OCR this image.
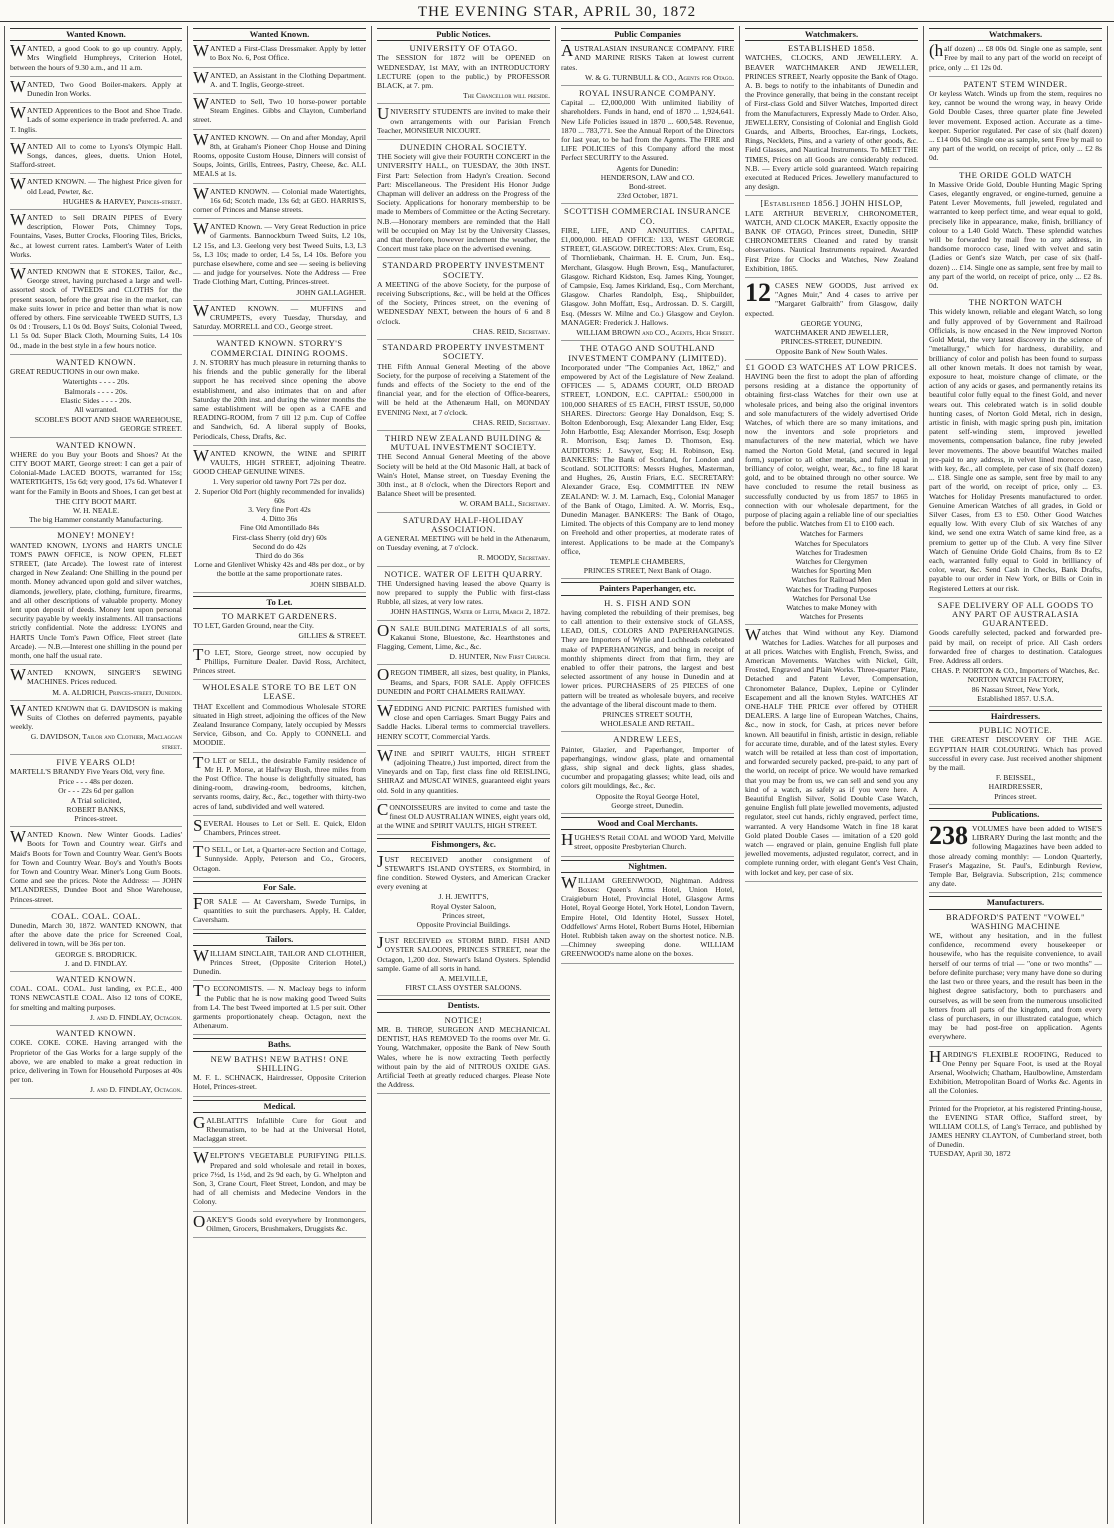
THE EVENING STAR, APRIL 30, 1872
Wanted Known.

WANTED, a good Cook to go up country. Apply, Mrs Wingfield Humphreys, Criterion Hotel, between the hours of 9.30 a.m., and 11 a.m.

WANTED, Two Good Boiler-makers. Apply at Dunedin Iron Works.

WANTED Apprentices to the Boot and Shoe Trade. Lads of some experience in trade preferred. A. and T. Inglis.

WANTED All to come to Lyons's Olympic Hall. Songs, dances, glees, duetts. Union Hotel, Stafford-street.

WANTED KNOWN. — The highest Price given for old Lead, Pewter, &c.

HUGHES & HARVEY, Princes-street.

WANTED to Sell DRAIN PIPES of Every description, Flower Pots, Chimney Tops, Fountains, Vases, Butter Crocks, Flooring Tiles, Bricks, &c., at lowest current rates. Lambert's Water of Leith Works.

WANTED KNOWN that E STOKES, Tailor, &c., George street, having purchased a large and well-assorted stock of TWEEDS and CLOTHS for the present season, before the great rise in the market, can make suits lower in price and better than what is now offered by others. Fine serviceable TWEED SUITS, L3 0s 0d : Trousers, L1 0s 0d. Boys' Suits, Colonial Tweed, L1 5s 0d. Super Black Cloth, Mourning Suits, L4 10s 0d., made in the best style in a few hours notice.

WANTED KNOWN.

GREAT REDUCTIONS in our own make.

Watertights - - - - 20s.
Balmorals - - - - 20s.
Elastic Sides - - - - 20s.
All warranted.
SCOBLE'S BOOT AND SHOE WAREHOUSE, GEORGE STREET.
WANTED KNOWN.

WHERE do you Buy your Boots and Shoes? At the CITY BOOT MART, George street: I can get a pair of Colonial-Made LACED BOOTS, warranted for 15s; WATERTIGHTS, 15s 6d; very good, 17s 6d. Whatever I want for the Family in Boots and Shoes, I can get best at

THE CITY BOOT MART.
W. H. NEALE.
The big Hammer constantly Manufacturing.
MONEY! MONEY!

WANTED KNOWN, LYONS and HARTS UNCLE TOM'S PAWN OFFICE, is NOW OPEN, FLEET STREET, (late Arcade). The lowest rate of interest charged in New Zealand: One Shilling in the pound per month. Money advanced upon gold and silver watches, diamonds, jewellery, plate, clothing, furniture, firearms, and all other descriptions of valuable property. Money lent upon deposit of deeds. Money lent upon personal security payable by weekly instalments. All transactions strictly confidential. Note the address: LYONS and HARTS Uncle Tom's Pawn Office, Fleet street (late Arcade). — N.B.—Interest one shilling in the pound per month, one half the usual rate.

WANTED KNOWN, SINGER'S SEWING MACHINES. Prices reduced.

M. A. ALDRICH, Princes-street, Dunedin.

WANTED KNOWN that G. DAVIDSON is making Suits of Clothes on deferred payments, payable weekly.

G. DAVIDSON, Tailor and Clothier, Maclaggan street.
FIVE YEARS OLD!

MARTELL'S BRANDY Five Years Old, very fine.

Price - - - 48s per dozen.
Or - - - 22s 6d per gallon
A Trial solicited,
ROBERT BANKS,
Princes-street.

WANTED Known. New Winter Goods. Ladies' Boots for Town and Country wear. Girl's and Maid's Boots for Town and Country Wear. Gent's Boots for Town and Country Wear. Boy's and Youth's Boots for Town and Country Wear. Miner's Long Gum Boots. Come and see the prices. Note the Address: — JOHN M'LANDRESS, Dundee Boot and Shoe Warehouse, Princes-street.

COAL. COAL. COAL.

Dunedin, March 30, 1872. WANTED KNOWN, that after the above date the price for Screened Coal, delivered in town, will be 36s per ton.

GEORGE S. BRODRICK.
J. and D. FINDLAY.
WANTED KNOWN.

COAL. COAL. COAL. Just landing, ex P.C.E., 400 TONS NEWCASTLE COAL. Also 12 tons of COKE, for smelting and malting purposes.

J. and D. FINDLAY, Octagon.
WANTED KNOWN.

COKE. COKE. COKE. Having arranged with the Proprietor of the Gas Works for a large supply of the above, we are enabled to make a great reduction in price, delivering in Town for Household Purposes at 40s per ton.

J. and D. FINDLAY, Octagon.
Wanted Known.

WANTED a First-Class Dressmaker. Apply by letter to Box No. 6, Post Office.

WANTED, an Assistant in the Clothing Department. A. and T. Inglis, George-street.

WANTED to Sell, Two 10 horse-power portable Steam Engines. Gibbs and Clayton, Cumberland street.

WANTED KNOWN. — On and after Monday, April 8th, at Graham's Pioneer Chop House and Dining Rooms, opposite Custom House, Dinners will consist of Soups, Joints, Grills, Entrees, Pastry, Cheese, &c. ALL MEALS at 1s.

WANTED KNOWN. — Colonial made Watertights, 16s 6d; Scotch made, 13s 6d; at GEO. HARRIS'S, corner of Princes and Manse streets.

WANTED Known. — Very Great Reduction in price of Garments. Bannockburn Tweed Suits, L2 10s, L2 15s, and L3. Geelong very best Tweed Suits, L3, L3 5s, L3 10s; made to order, L4 5s, L4 10s. Before you purchase elsewhere, come and see — seeing is believing — and judge for yourselves. Note the Address — Free Trade Clothing Mart, Cutting, Princes-street.

JOHN GALLAGHER.

WANTED KNOWN. — MUFFINS and CRUMPETS, every Tuesday, Thursday, and Saturday. MORRELL and CO., George street.

WANTED KNOWN. STORRY'S COMMERCIAL DINING ROOMS.

J. N. STORRY has much pleasure in returning thanks to his friends and the public generally for the liberal support he has received since opening the above establishment, and also intimates that on and after Saturday the 20th inst. and during the winter months the same establishment will be open as a CAFE and READING-ROOM, from 7 till 12 p.m. Cup of Coffee and Sandwich, 6d. A liberal supply of Books, Periodicals, Chess, Drafts, &c.

WANTED KNOWN, the WINE and SPIRIT VAULTS, HIGH STREET, adjoining Theatre. GOOD CHEAP GENUINE WINES.

1. Very superior old tawny Port 72s per doz.
2. Superior Old Port (highly recommended for invalids) 60s
3. Very fine Port 42s
4. Ditto 36s
Fine Old Amontillado 84s
First-class Sherry (old dry) 60s
Second do do 42s
Third do do 36s
Lorne and Glenlivet Whisky 42s and 48s per doz., or by the bottle at the same proportionate rates.
JOHN SIBBALD.
To Let.
TO MARKET GARDENERS.

TO LET, Garden Ground, near the City.

GILLIES & STREET.

TO LET, Store, George street, now occupied by Phillips, Furniture Dealer. David Ross, Architect, Princes street.

WHOLESALE STORE TO BE LET ON LEASE.

THAT Excellent and Commodious Wholesale STORE situated in High street, adjoining the offices of the New Zealand Insurance Company, lately occupied by Messrs Service, Gibson, and Co. Apply to CONNELL and MOODIE.

TO LET or SELL, the desirable Family residence of Mr H. P. Morse, at Halfway Bush, three miles from the Post Office. The house is delightfully situated, has dining-room, drawing-room, bedrooms, kitchen, servants rooms, dairy, &c., &c., together with thirty-two acres of land, subdivided and well watered.

SEVERAL Houses to Let or Sell. E. Quick, Eldon Chambers, Princes street.

TO SELL, or Let, a Quarter-acre Section and Cottage, Sunnyside. Apply, Peterson and Co., Grocers, Octagon.

For Sale.

FOR SALE — At Caversham, Swede Turnips, in quantities to suit the purchasers. Apply, H. Calder, Caversham.

Tailors.

WILLIAM SINCLAIR, TAILOR AND CLOTHIER, Princes Street, (Opposite Criterion Hotel,) Dunedin.

TO ECONOMISTS. — N. Macleay begs to inform the Public that he is now making good Tweed Suits from L4. The best Tweed imported at 1.5 per suit. Other garments proportionately cheap. Octagon, next the Athenæum.

Baths.
NEW BATHS! NEW BATHS! ONE SHILLING.

M. F. L. SCHNACK, Hairdresser, Opposite Criterion Hotel, Princes-street.

Medical.

GALBLATTI'S Infallible Cure for Gout and Rheumatism, to be had at the Universal Hotel, Maclaggan street.

WELPTON'S VEGETABLE PURIFYING PILLS. Prepared and sold wholesale and retail in boxes, price 7½d, 1s 1½d, and 2s 9d each, by G. Whelpton and Son, 3, Crane Court, Fleet Street, London, and may be had of all chemists and Medecine Vendors in the Colony.

OAKEY'S Goods sold everywhere by Ironmongers, Oilmen, Grocers, Brushmakers, Druggists &c.

Public Notices.
UNIVERSITY OF OTAGO.

The SESSION for 1872 will be OPENED on WEDNESDAY, 1st MAY, with an INTRODUCTORY LECTURE (open to the public,) by PROFESSOR BLACK, at 7. pm.

The Chancellor will preside.

UNIVERSITY STUDENTS are invited to make their own arrangements with our Parisian French Teacher, MONSIEUR NICOURT.

DUNEDIN CHORAL SOCIETY.

THE Society will give their FOURTH CONCERT in the UNIVERSITY HALL, on TUESDAY, the 30th INST. First Part: Selection from Hadyn's Creation. Second Part: Miscellaneous. The President His Honor Judge Chapman will deliver an address on the Progress of the Society. Applications for honorary membership to be made to Members of Committee or the Acting Secretary. N.B.—Honorary members are reminded that the Hall will be occupied on May 1st by the University Classes, and that therefore, however inclement the weather, the Concert must take place on the advertised evening.

STANDARD PROPERTY INVESTMENT SOCIETY.

A MEETING of the above Society, for the purpose of receiving Subscriptions, &c., will be held at the Offices of the Society, Princes street, on the evening of WEDNESDAY NEXT, between the hours of 6 and 8 o'clock.

CHAS. REID, Secretary.
STANDARD PROPERTY INVESTMENT SOCIETY.

THE Fifth Annual General Meeting of the above Society, for the purpose of receiving a Statement of the funds and effects of the Society to the end of the financial year, and for the election of Office-bearers, will be held at the Athenæum Hall, on MONDAY EVENING Next, at 7 o'clock.

CHAS. REID, Secretary.
THIRD NEW ZEALAND BUILDING & MUTUAL INVESTMENT SOCIETY.

THE Second Annual General Meeting of the above Society will be held at the Old Masonic Hall, at back of Wain's Hotel, Manse street, on Tuesday Evening the 30th inst., at 8 o'clock, when the Directors Report and Balance Sheet will be presented.

W. ORAM BALL, Secretary.
SATURDAY HALF-HOLIDAY ASSOCIATION.

A GENERAL MEETING will be held in the Athenæum, on Tuesday evening, at 7 o'clock.

R. MOODY, Secretary.
NOTICE. WATER OF LEITH QUARRY.

THE Undersigned having leased the above Quarry is now prepared to supply the Public with first-class Rubble, all sizes, at very low rates.

JOHN HASTINGS, Water of Leith, March 2, 1872.

ON SALE BUILDING MATERIALS of all sorts, Kakanui Stone, Bluestone, &c. Hearthstones and Flagging, Cement, Lime, &c., &c.

D. HUNTER, New First Church.

OREGON TIMBER, all sizes, best quality, in Planks, Beams, and Spars, FOR SALE. Apply OFFICES DUNEDIN and PORT CHALMERS RAILWAY.

WEDDING AND PICNIC PARTIES furnished with close and open Carriages. Smart Buggy Pairs and Saddle Hacks. Liberal terms to commercial travellers. HENRY SCOTT, Commercial Yards.

WINE and SPIRIT VAULTS, HIGH STREET (adjoining Theatre,) Just imported, direct from the Vineyards and on Tap, first class fine old REISLING, SHIRAZ and MUSCAT WINES, guaranteed eight years old. Sold in any quantities.

CONNOISSEURS are invited to come and taste the finest OLD AUSTRALIAN WINES, eight years old, at the WINE and SPIRIT VAULTS, HIGH STREET.

Fishmongers, &c.

JUST RECEIVED another consignment of STEWART'S ISLAND OYSTERS, ex Stormbird, in fine condition. Stewed Oysters, and American Cracker every evening at

J. H. JEWITT'S,
Royal Oyster Saloon,
Princes street,
Opposite Provincial Buildings.

JUST RECEIVED ex STORM BIRD. FISH AND OYSTER SALOONS, PRINCES STREET, near the Octagon, 1,200 doz. Stewart's Island Oysters. Splendid sample. Game of all sorts in hand.

A. MELVILLE,
FIRST CLASS OYSTER SALOONS.
Dentists.
NOTICE!

MR. B. THROP, SURGEON AND MECHANICAL DENTIST, HAS REMOVED To the rooms over Mr. G. Young, Watchmaker, opposite the Bank of New South Wales, where he is now extracting Teeth perfectly without pain by the aid of NITROUS OXIDE GAS. Artificial Teeth at greatly reduced charges. Please Note the Address.

Public Companies

AUSTRALASIAN INSURANCE COMPANY. FIRE AND MARINE RISKS Taken at lowest current rates.

W. & G. TURNBULL & CO., Agents for Otago.
ROYAL INSURANCE COMPANY.

Capital ... £2,000,000 With unlimited liability of shareholders. Funds in hand, end of 1870 ... 1,924,641. New Life Policies issued in 1870 ... 600,548. Revenue, 1870 ... 783,771. See the Annual Report of the Directors for last year, to be had from the Agents. The FIRE and LIFE POLICIES of this Company afford the most Perfect SECURITY to the Assured.

Agents for Dunedin:
HENDERSON, LAW and CO.
Bond-street.
23rd October, 1871.
SCOTTISH COMMERCIAL INSURANCE CO.

FIRE, LIFE, AND ANNUITIES. CAPITAL, £1,000,000. HEAD OFFICE: 133, WEST GEORGE STREET, GLASGOW. DIRECTORS: Alex. Crum, Esq., of Thornliebank, Chairman. H. E. Crum, Jun. Esq., Merchant, Glasgow. Hugh Brown, Esq., Manufacturer, Glasgow. Richard Kidston, Esq. James King, Younger, of Campsie, Esq. James Kirkland, Esq., Corn Merchant, Glasgow. Charles Randolph, Esq., Shipbuilder, Glasgow. John Moffatt, Esq., Ardrossan. D. S. Cargill, Esq. (Messrs W. Milne and Co.) Glasgow and Ceylon. MANAGER: Frederick J. Hallows.

WILLIAM BROWN and CO., Agents, High Street.
THE OTAGO AND SOUTHLAND INVESTMENT COMPANY (LIMITED).

Incorporated under "The Companies Act, 1862," and empowered by Act of the Legislature of New Zealand. OFFICES — 5, ADAMS COURT, OLD BROAD STREET, LONDON, E.C. CAPITAL: £500,000 in 100,000 SHARES of £5 EACH, FIRST ISSUE, 50,000 SHARES. Directors: George Hay Donaldson, Esq; S. Bolton Edenborough, Esq; Alexander Lang Elder, Esq; John Harbottle, Esq; Alexander Morrison, Esq; Joseph R. Morrison, Esq; James D. Thomson, Esq. AUDITORS: J. Sawyer, Esq; H. Robinson, Esq. BANKERS: The Bank of Scotland, for London and Scotland. SOLICITORS: Messrs Hughes, Masterman, and Hughes, 26, Austin Friars, E.C. SECRETARY: Alexander Grace, Esq. COMMITTEE IN NEW ZEALAND: W. J. M. Larnach, Esq., Colonial Manager of the Bank of Otago, Limited. A. W. Morris, Esq., Dunedin Manager. BANKERS: The Bank of Otago, Limited. The objects of this Company are to lend money on Freehold and other properties, at moderate rates of interest. Applications to be made at the Company's office,

TEMPLE CHAMBERS,
PRINCES STREET, Next Bank of Otago.
Painters Paperhanger, etc.
H. S. FISH AND SON

having completed the rebuilding of their premises, beg to call attention to their extensive stock of GLASS, LEAD, OILS, COLORS AND PAPERHANGINGS. They are Importers of Wylie and Lochheads celebrated make of PAPERHANGINGS, and being in receipt of monthly shipments direct from that firm, they are enabled to offer their patrons, the largest and best selected assortment of any house in Dunedin and at lower prices. PURCHASERS of 25 PIECES of one pattern will be treated as wholesale buyers, and receive the advantage of the liberal discount made to them.

PRINCES STREET SOUTH,
WHOLESALE AND RETAIL.
ANDREW LEES,

Painter, Glazier, and Paperhanger, Importer of paperhangings, window glass, plate and ornamental glass, ship signal and deck lights, glass shades, cucumber and propagating glasses; white lead, oils and colors gilt mouldings, &c., &c.

Opposite the Royal George Hotel,
George street, Dunedin.
Wood and Coal Merchants.

HUGHES'S Retail COAL and WOOD Yard, Melville street, opposite Presbyterian Church.

Nightmen.

WILLIAM GREENWOOD, Nightman. Address Boxes: Queen's Arms Hotel, Union Hotel, Craigieburn Hotel, Provincial Hotel, Glasgow Arms Hotel, Royal George Hotel, York Hotel, London Tavern, Empire Hotel, Old Identity Hotel, Sussex Hotel, Oddfellows' Arms Hotel, Robert Burns Hotel, Hibernian Hotel. Rubbish taken away on the shortest notice. N.B.—Chimney sweeping done. WILLIAM GREENWOOD's name alone on the boxes.

Watchmakers.
ESTABLISHED 1858.

WATCHES, CLOCKS, AND JEWELLERY. A. BEAVER WATCHMAKER AND JEWELLER, PRINCES STREET, Nearly opposite the Bank of Otago. A. B. begs to notify to the inhabitants of Dunedin and the Province generally, that being in the constant receipt of First-class Gold and Silver Watches, Imported direct from the Manufacturers, Expressly Made to Order. Also, JEWELLERY, Consisting of Colonial and English Gold Guards, and Alberts, Brooches, Ear-rings, Lockets, Rings, Necklets, Pins, and a variety of other goods, &c. Field Glasses, and Nautical Instruments. To MEET THE TIMES, Prices on all Goods are considerably reduced. N.B. — Every article sold guaranteed. Watch repairing executed at Reduced Prices. Jewellery manufactured to any design.

[Established 1856.] JOHN HISLOP,

LATE ARTHUR BEVERLY, CHRONOMETER, WATCH, AND CLOCK MAKER, Exactly opposite the BANK OF OTAGO, Princes street, Dunedin, SHIP CHRONOMETERS Cleaned and rated by transit observations. Nautical Instruments repaired. Awarded First Prize for Clocks and Watches, New Zealand Exhibition, 1865.

12 CASES NEW GOODS, Just arrived ex "Agnes Muir," And 4 cases to arrive per "Margaret Galbraith" from Glasgow, daily expected.

GEORGE YOUNG,
WATCHMAKER AND JEWELLER,
PRINCES-STREET, DUNEDIN.
Opposite Bank of New South Wales.
£1 GOOD £3 WATCHES AT LOW PRICES.

HAVING been the first to adopt the plan of affording persons residing at a distance the opportunity of obtaining first-class Watches for their own use at wholesale prices, and being also the original inventors and sole manufacturers of the widely advertised Oride Watches, of which there are so many imitations, and now the inventors and sole proprietors and manufacturers of the new material, which we have named the Norton Gold Metal, (and secured in legal form,) superior to all other metals, and fully equal in brilliancy of color, weight, wear, &c., to fine 18 karat gold, and to be obtained through no other source. We have concluded to resume the retail business as successfully conducted by us from 1857 to 1865 in connection with our wholesale department, for the purpose of placing again a reliable line of our specialties before the public. Watches from £1 to £100 each.

Watches for Farmers
Watches for Speculators
Watches for Tradesmen
Watches for Clergymen
Watches for Sporting Men
Watches for Railroad Men
Watches for Trading Purposes
Watches for Personal Use
Watches to make Money with
Watches for Presents

Watches that Wind without any Key. Diamond Watches for Ladies. Watches for all purposes and at all prices. Watches with English, French, Swiss, and American Movements. Watches with Nickel, Gilt, Frosted, Engraved and Plain Works. Three-quarter Plate, Detached and Patent Lever, Compensation, Chronometer Balance, Duplex, Lepine or Cylinder Escapement and all the known Styles. WATCHES AT ONE-HALF THE PRICE ever offered by OTHER DEALERS. A large line of European Watches, Chains, &c., now in stock, for Cash, at prices never before known. All beautiful in finish, artistic in design, reliable for accurate time, durable, and of the latest styles. Every watch will be retailed at less than cost of importation, and forwarded securely packed, pre-paid, to any part of the world, on receipt of price. We would have remarked that you may be from us, we can sell and send you any kind of a watch, as safely as if you were here. A Beautiful English Silver, Solid Double Case Watch, genuine English full plate jewelled movements, adjusted regulator, steel cut hands, richly engraved, perfect time, warranted. A very Handsome Watch in fine 18 karat Gold plated Double Cases — imitation of a £20 gold watch — engraved or plain, genuine English full plate jewelled movements, adjusted regulator, correct, and in complete running order, with elegant Gent's Vest Chain, with locket and key, per case of six.

Watchmakers.

(half dozen) ... £8 00s 0d. Single one as sample, sent Free by mail to any part of the world on receipt of price, only ... £1 12s 0d.

PATENT STEM WINDER.

Or keyless Watch. Winds up from the stem, requires no key, cannot be wound the wrong way, in heavy Oride Gold Double Cases, three quarter plate fine Jeweled lever movement. Exposed action. Accurate as a time-keeper. Superior regulated. Per case of six (half dozen) ... £14 00s 0d. Single one as sample, sent Free by mail to any part of the world, on receipt of price, only ... £2 8s 0d.

THE ORIDE GOLD WATCH

In Massive Oride Gold, Double Hunting Magic Spring Cases, elegantly engraved, or engine-turned, genuine a Patent Lever Movements, full jeweled, regulated and warranted to keep perfect time, and wear equal to gold, precisely like in appearance, make, finish, brilliancy of colour to a L40 Gold Watch. These splendid watches will be forwarded by mail free to any address, in handsome morocco case, lined with velvet and satin (Ladies or Gent's size Watch, per case of six (half-dozen) ... £14. Single one as sample, sent free by mail to any part of the world, on receipt of price, only ... £2 8s. 0d.

THE NORTON WATCH

This widely known, reliable and elegant Watch, so long and fully approved of by Government and Railroad Officials, is now encased in the New improved Norton Gold Metal, the very latest discovery in the science of "metallurgy," which for hardness, durability, and brilliancy of color and polish has been found to surpass all other known metals. It does not tarnish by wear, exposure to heat, moisture change of climate, or the action of any acids or gases, and permanently retains its beautiful color fully equal to the finest Gold, and never wears out. This celebrated watch is in solid double hunting cases, of Norton Gold Metal, rich in design, artistic in finish, with magic spring push pin, imitation patent self-winding stem, improved jewelled movements, compensation balance, fine ruby jeweled lever movements. The above beautiful Watches mailed pre-paid to any address, in velvet lined morocco case, with key, &c., all complete, per case of six (half dozen) ... £18. Single one as sample, sent free by mail to any part of the world, on receipt of price, only ... £3. Watches for Holiday Presents manufactured to order. Genuine American Watches of all grades, in Gold or Silver Cases, from £3 to £50. Other Good Watches equally low. With every Club of six Watches of any kind, we send one extra Watch of same kind free, as a premium to getter up of the Club. A very fine Silver Watch of Genuine Oride Gold Chains, from 8s to £2 each, warranted fully equal to Gold in brilliancy of color, wear, &c. Send Cash in Checks, Bank Drafts, payable to our order in New York, or Bills or Coin in Registered Letters at our risk.

SAFE DELIVERY OF ALL GOODS TO ANY PART OF AUSTRALASIA GUARANTEED.

Goods carefully selected, packed and forwarded pre-paid by mail, on receipt of price. All Cash orders forwarded free of charges to destination. Catalogues Free. Address all orders.

CHAS. P. NORTON & CO., Importers of Watches, &c.
NORTON WATCH FACTORY,
86 Nassau Street, New York,
Established 1857. U.S.A.
Hairdressers.
PUBLIC NOTICE.

THE GREATEST DISCOVERY OF THE AGE. EGYPTIAN HAIR COLOURING. Which has proved successful in every case. Just received another shipment by the mail.

F. BEISSEL,
HAIRDRESSER,
Princes street.
Publications.
238 VOLUMES have been added to WISE'S LIBRARY During the last month; and the following Magazines have been added to those already coming monthly: — London Quarterly, Fraser's Magazine, St. Paul's, Edinburgh Review, Temple Bar, Belgravia. Subscription, 21s; commence any date.

Manufacturers.
BRADFORD'S PATENT "VOWEL" WASHING MACHINE

WE, without any hesitation, and in the fullest confidence, recommend every housekeeper or housewife, who has the requisite convenience, to avail herself of our terms of trial — "one or two months" — before definite purchase; very many have done so during the last two or three years, and the result has been in the highest degree satisfactory, both to purchasers and ourselves, as will be seen from the numerous unsolicited letters from all parts of the kingdom, and from every class of purchasers, in our illustrated catalogue, which may be had post-free on application. Agents everywhere.

HARDING'S FLEXIBLE ROOFING, Reduced to One Penny per Square Foot, is used at the Royal Arsenal, Woolwich; Chatham, Haulbowline, Amsterdam Exhibition, Metropolitan Board of Works &c. Agents in all the Colonies.

Printed for the Proprietor, at his registered Printing-house, the EVENING STAR Office, Stafford street, by WILLIAM COLLS, of Lang's Terrace, and published by JAMES HENRY CLAYTON, of Cumberland street, both of Dunedin.
TUESDAY, April 30, 1872
